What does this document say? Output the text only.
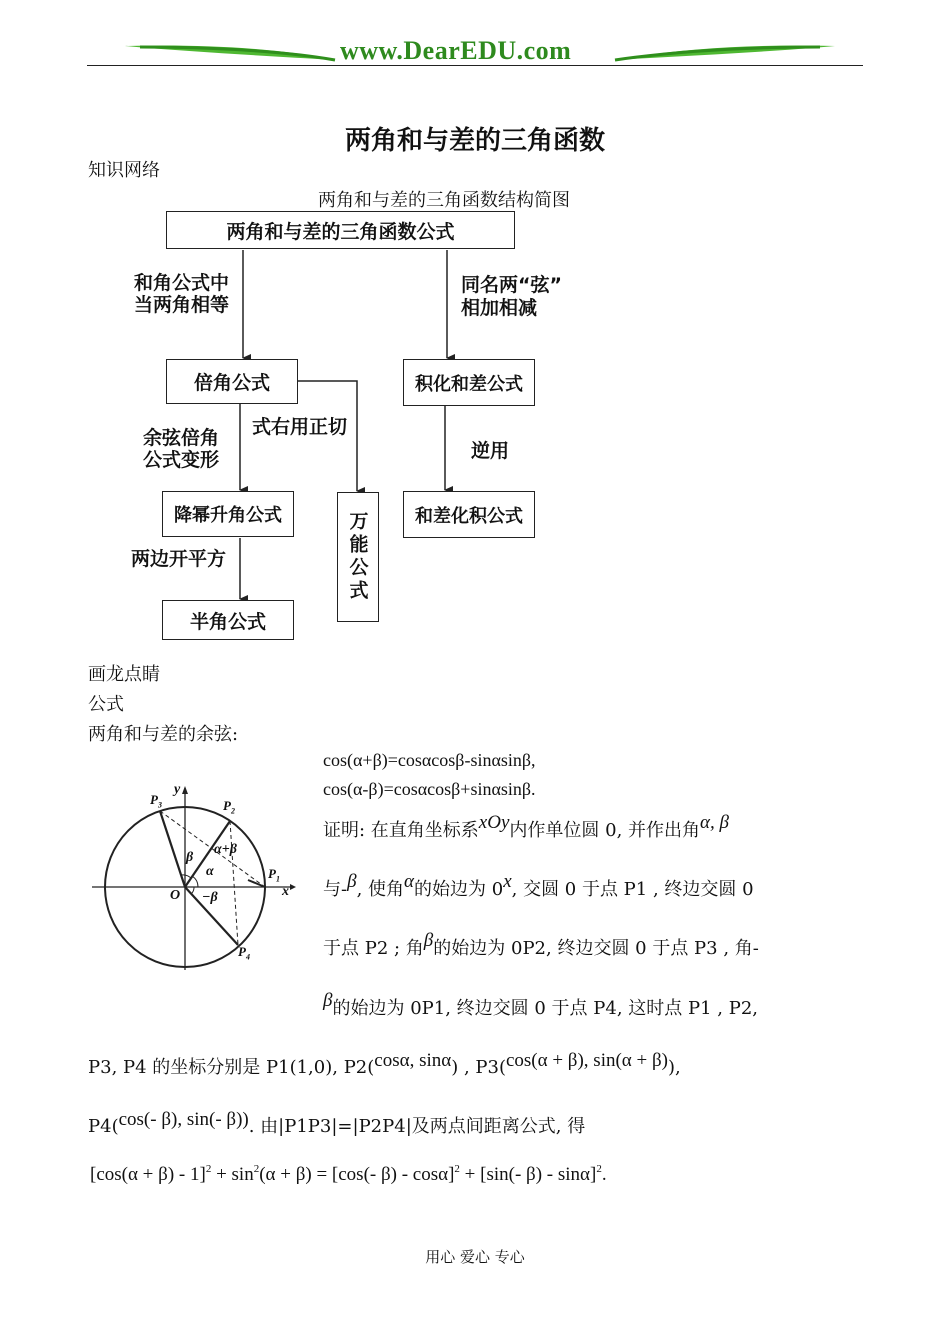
www.DearEDU.com
两角和与差的三角函数
知识网络
两角和与差的三角函数结构简图
两角和与差的三角函数公式
倍角公式	积化和差公式
降幂升角公式	万能公式	和差化积公式
半角公式
和角公式中
当两角相等
同名两“弦”
相加相减
余弦倍角
公式变形
式右用正切
逆用
两边开平方
画龙点睛
公式
两角和与差的余弦:
cos(α+β)=cosαcosβ-sinαsinβ,
cos(α-β)=cosαcosβ+sinαsinβ.
y
x
O
$P_3$	$P_2$
$P_1$
$P_4$
β
α
α+β
−β
证明: 在直角坐标系xOy内作单位圆 0, 并作出角α, β
与-β, 使角α的始边为 0x, 交圆 0 于点 P1 , 终边交圆 0
于点 P2 ; 角β的始边为 0P2, 终边交圆 0 于点 P3 , 角-
β的始边为 0P1, 终边交圆 0 于点 P4, 这时点 P1 , P2,
P3, P4 的坐标分别是 P1(1,0), P2(cosα, sinα) , P3(cos(α + β), sin(α + β)),
P4(cos(- β), sin(- β)). 由|P1P3|=|P2P4|及两点间距离公式, 得
$[\cos(\alpha + \beta) - 1]^2 + \sin^2(\alpha + \beta) = [\cos(-$ β) - cosα]$^2$ + [sin(- β) - sinα]$^2$.
用心 爱心 专心
